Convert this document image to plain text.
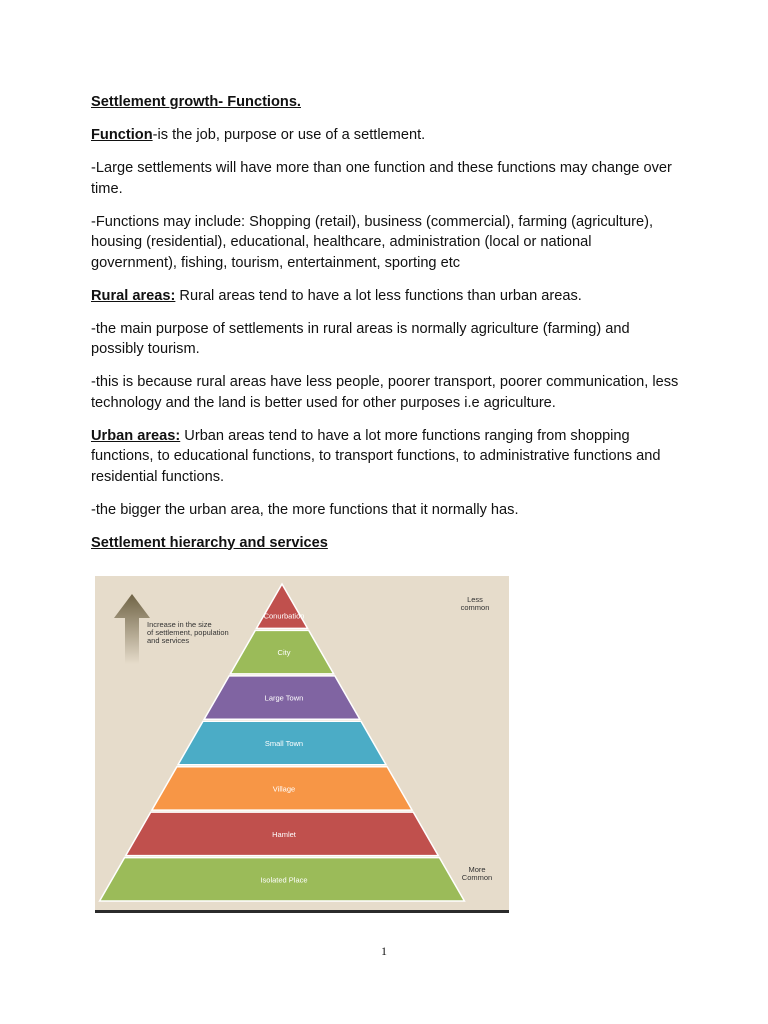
Settlement growth- Functions.

Function-is the job, purpose or use of a settlement.

-Large settlements will have more than one function and these functions may change over time.

-Functions may include: Shopping (retail), business (commercial), farming (agriculture), housing (residential), educational, healthcare, administration (local or national government), fishing, tourism, entertainment, sporting etc

Rural areas: Rural areas tend to have a lot less functions than urban areas.

-the main purpose of settlements in rural areas is normally agriculture (farming) and possibly tourism.

-this is because rural areas have less people, poorer transport, poorer communication, less technology and the land is better used for other purposes i.e agriculture.

Urban areas: Urban areas tend to have a lot more functions ranging from shopping functions, to educational functions, to transport functions, to administrative functions and residential functions.

-the bigger the urban area, the more functions that it normally has.

Settlement hierarchy and services

Conurbation
City
Large Town
Small Town
Village
Hamlet
Isolated Place
Increase in the size of settlement, population and services
Less common
More Common
1
